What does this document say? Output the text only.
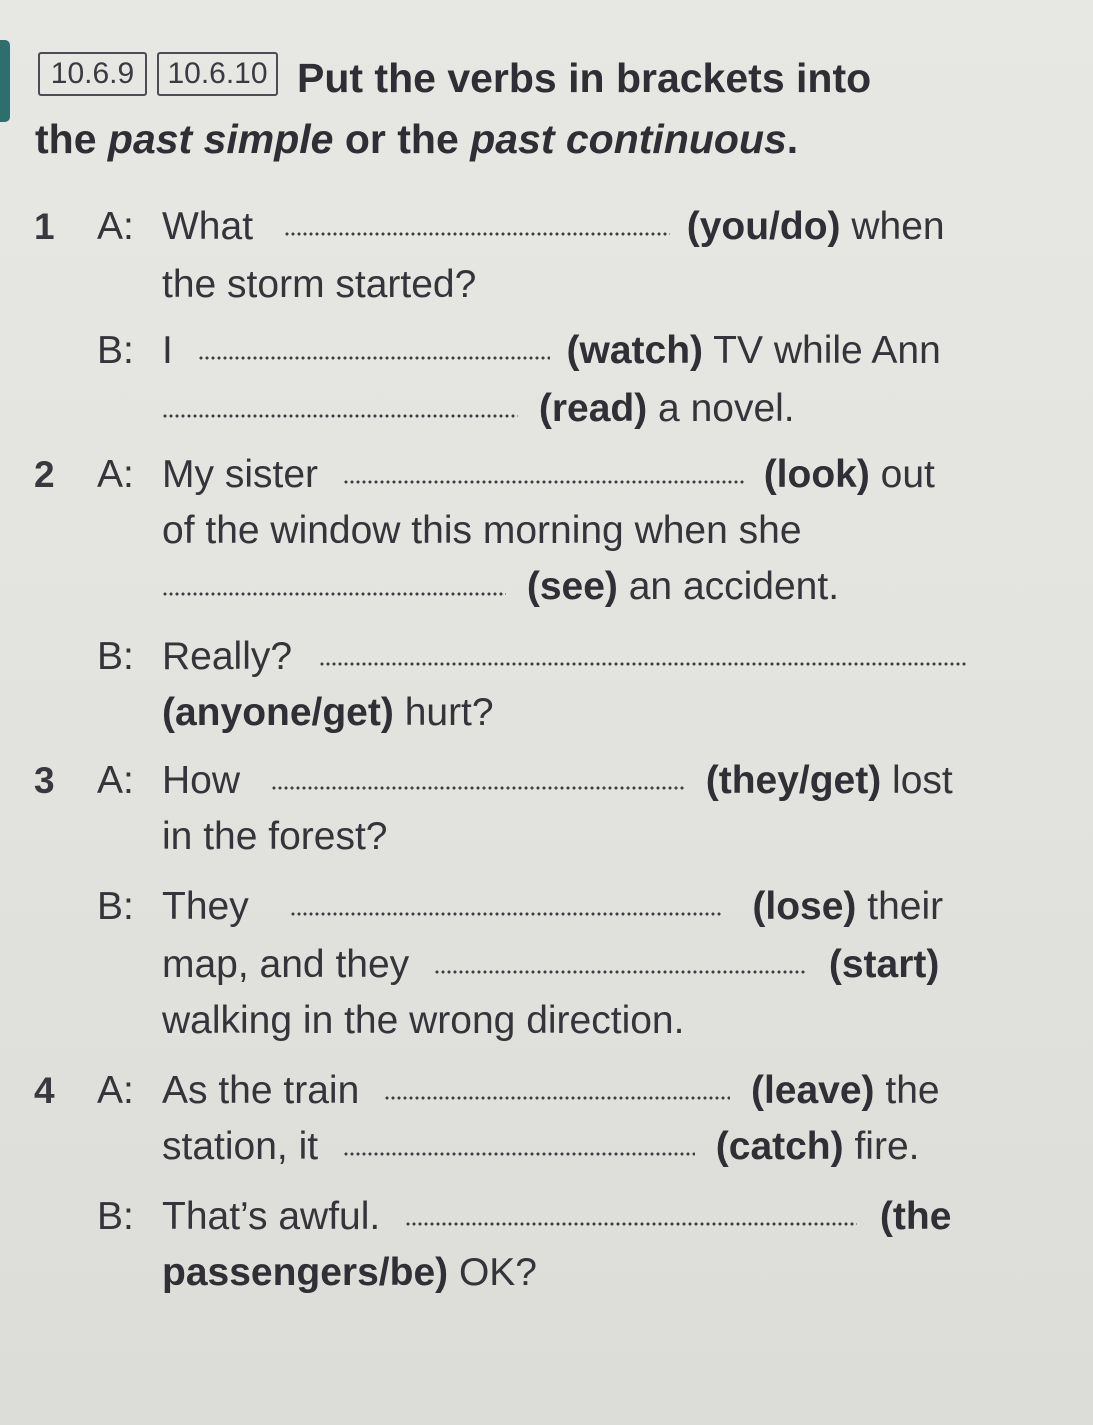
10.6.9	10.6.10 Put the verbs in brackets into
the past simple or the past continuous.
1 A: What	(you/do) when
the storm started?
B: I	(watch) TV while Ann
(read) a novel.
2 A: My sister	(look) out
of the window this morning when she
(see) an accident.
B: Really?
(anyone/get) hurt?
3 A: How	(they/get) lost
in the forest?
B: They	(lose) their
map, and they	(start)
walking in the wrong direction.
4 A: As the train	(leave) the
station, it	(catch) fire.
B: That’s awful.	(the
passengers/be) OK?
